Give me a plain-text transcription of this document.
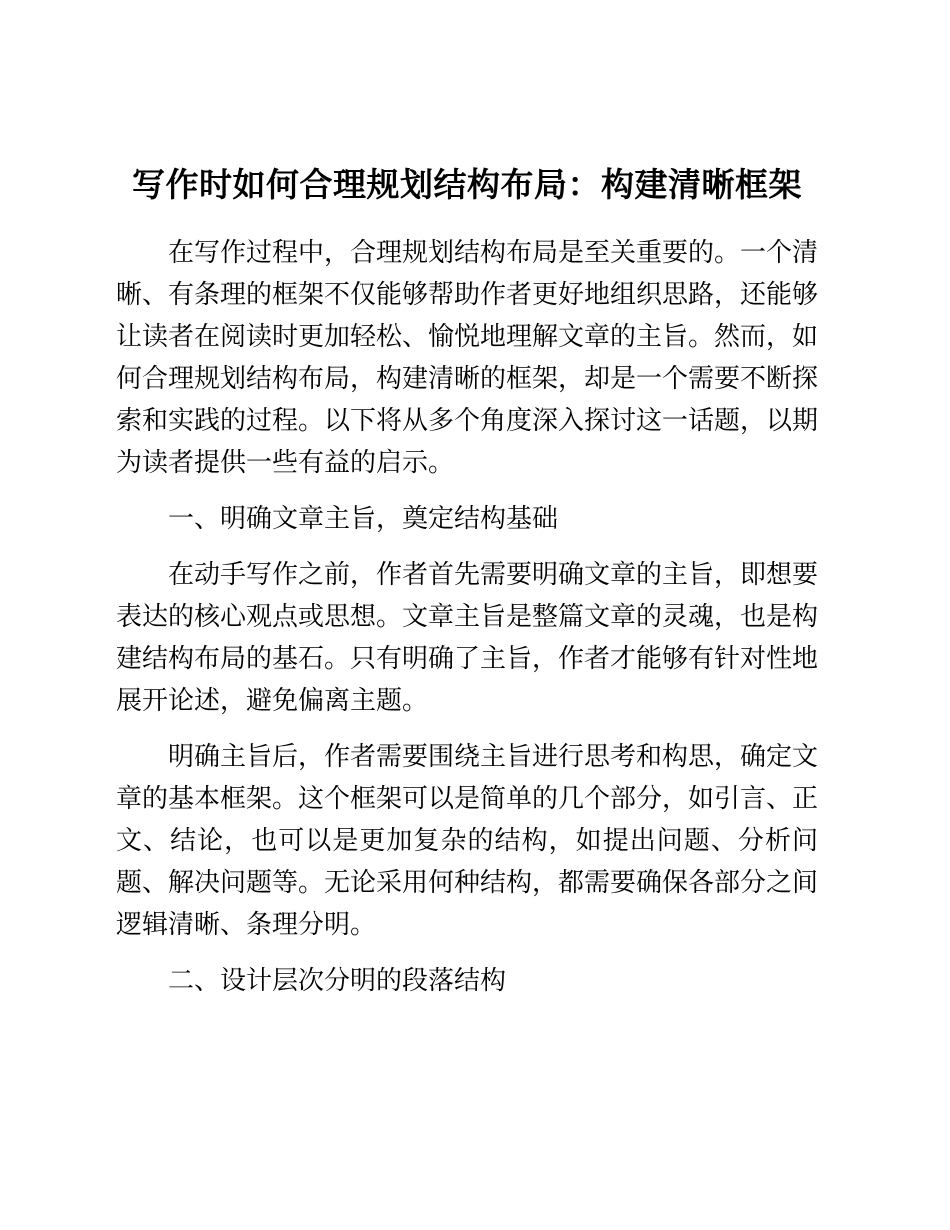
写作时如何合理规划结构布局：构建清晰框架

在写作过程中，合理规划结构布局是至关重要的。一个清晰、有条理的框架不仅能够帮助作者更好地组织思路，还能够让读者在阅读时更加轻松、愉悦地理解文章的主旨。然而，如何合理规划结构布局，构建清晰的框架，却是一个需要不断探索和实践的过程。以下将从多个角度深入探讨这一话题，以期为读者提供一些有益的启示。

一、明确文章主旨，奠定结构基础

在动手写作之前，作者首先需要明确文章的主旨，即想要表达的核心观点或思想。文章主旨是整篇文章的灵魂，也是构建结构布局的基石。只有明确了主旨，作者才能够有针对性地展开论述，避免偏离主题。

明确主旨后，作者需要围绕主旨进行思考和构思，确定文章的基本框架。这个框架可以是简单的几个部分，如引言、正文、结论，也可以是更加复杂的结构，如提出问题、分析问题、解决问题等。无论采用何种结构，都需要确保各部分之间逻辑清晰、条理分明。

二、设计层次分明的段落结构
